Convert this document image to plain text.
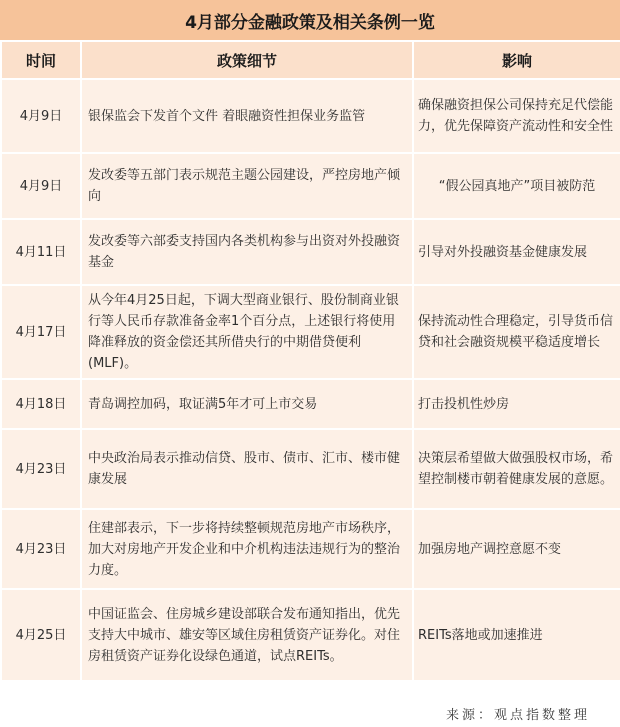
4月部分金融政策及相关条例一览
时间	政策细节	影响
4月9日	银保监会下发首个文件 着眼融资性担保业务监管	确保融资担保公司保持充足代偿能力，优先保障资产流动性和安全性
4月9日	发改委等五部门表示规范主题公园建设，严控房地产倾向	“假公园真地产”项目被防范
4月11日	发改委等六部委支持国内各类机构参与出资对外投融资基金	引导对外投融资基金健康发展
4月17日	从今年4月25日起，下调大型商业银行、股份制商业银行等人民币存款准备金率1个百分点，上述银行将使用降准释放的资金偿还其所借央行的中期借贷便利(MLF)。	保持流动性合理稳定，引导货币信贷和社会融资规模平稳适度增长
4月18日	青岛调控加码，取证满5年才可上市交易	打击投机性炒房
4月23日	中央政治局表示推动信贷、股市、债市、汇市、楼市健康发展	决策层希望做大做强股权市场，希望控制楼市朝着健康发展的意愿。
4月23日	住建部表示，下一步将持续整顿规范房地产市场秩序，加大对房地产开发企业和中介机构违法违规行为的整治力度。	加强房地产调控意愿不变
4月25日	中国证监会、住房城乡建设部联合发布通知指出，优先支持大中城市、雄安等区域住房租赁资产证券化。对住房租赁资产证券化设绿色通道，试点REITs。	REITs落地或加速推进
来源：观点指数整理
